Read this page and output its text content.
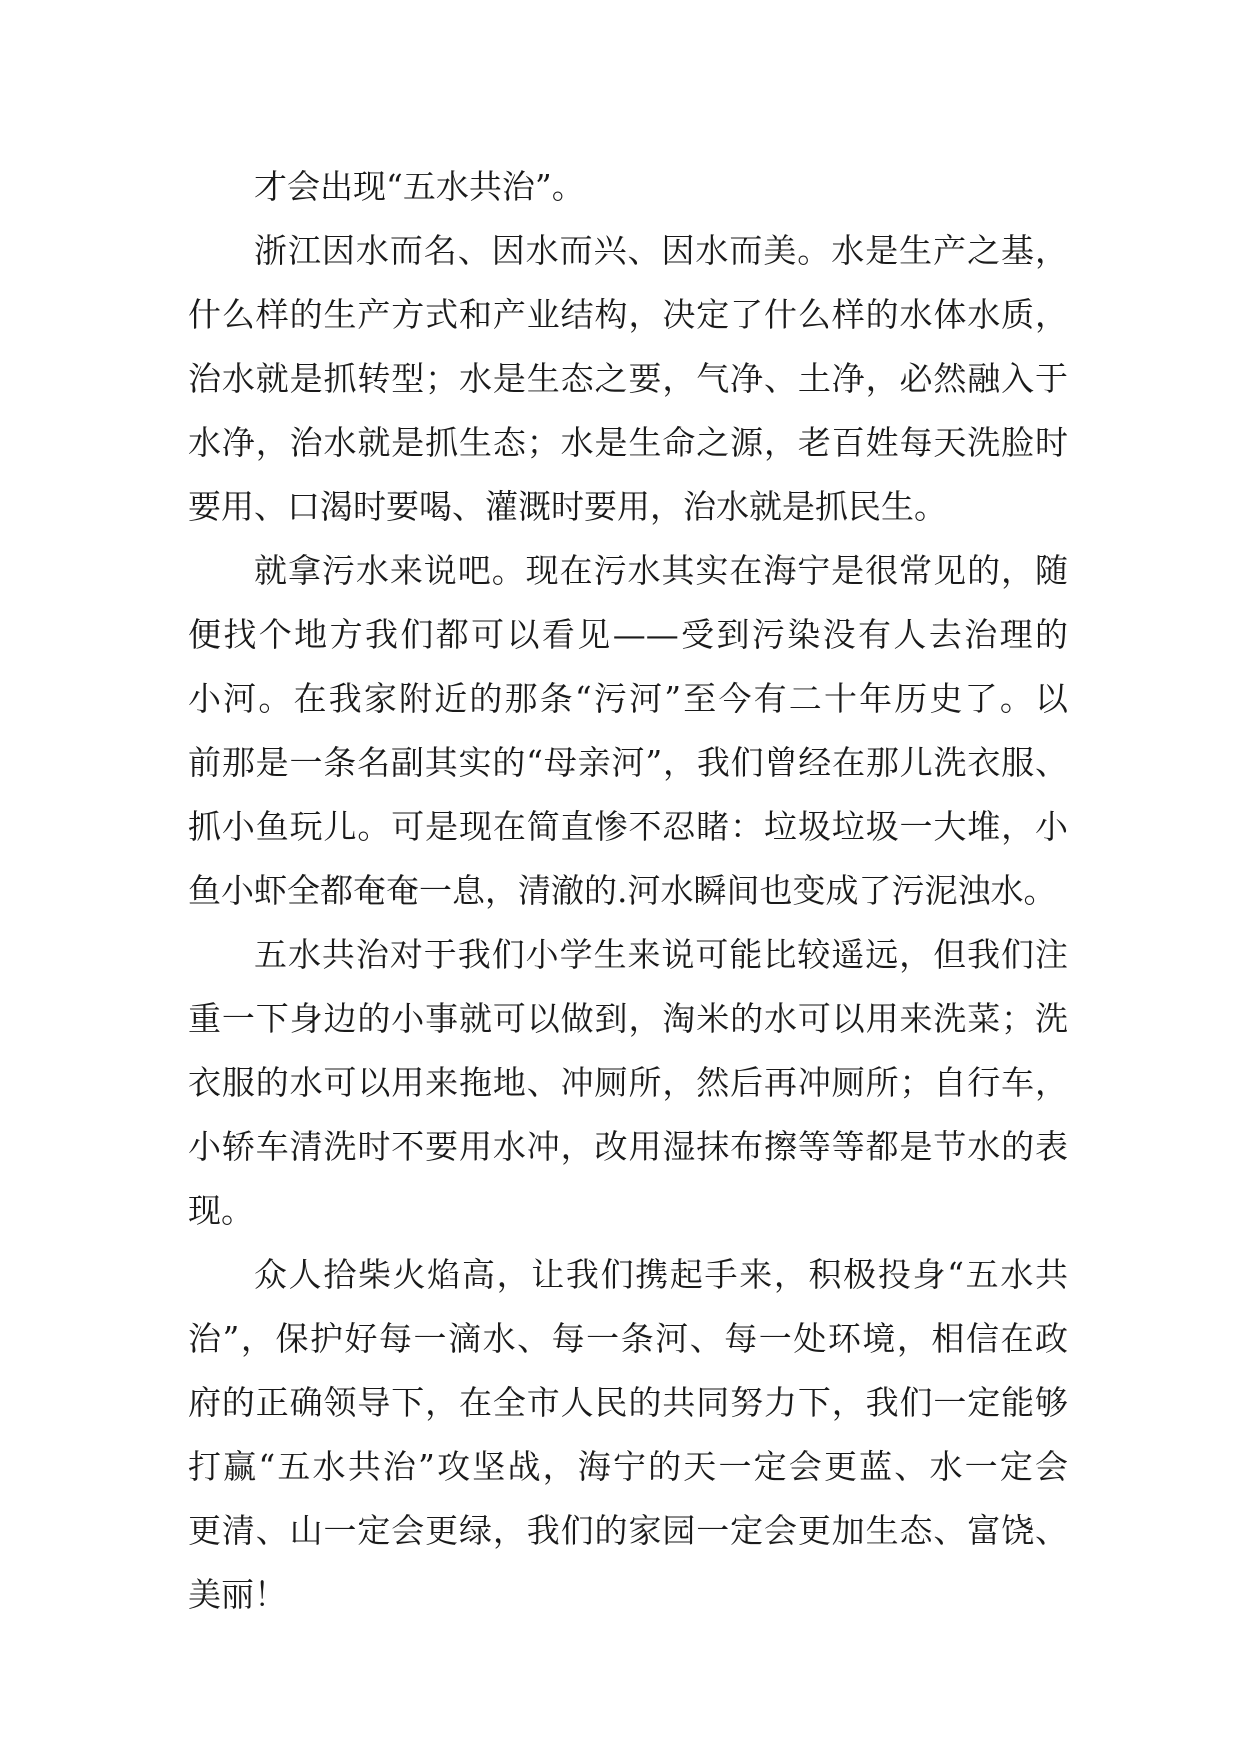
才会出现“五水共治”。

浙江因水而名、因水而兴、因水而美。水是生产之基，
什么样的生产方式和产业结构，决定了什么样的水体水质，
治水就是抓转型；水是生态之要，气净、土净，必然融入于
水净，治水就是抓生态；水是生命之源，老百姓每天洗脸时
要用、口渴时要喝、灌溉时要用，治水就是抓民生。

就拿污水来说吧。现在污水其实在海宁是很常见的，随
便找个地方我们都可以看见——受到污染没有人去治理的
小河。在我家附近的那条“污河”至今有二十年历史了。以
前那是一条名副其实的“母亲河”，我们曾经在那儿洗衣服、
抓小鱼玩儿。可是现在简直惨不忍睹：垃圾垃圾一大堆，小
鱼小虾全都奄奄一息，清澈的.河水瞬间也变成了污泥浊水。

五水共治对于我们小学生来说可能比较遥远，但我们注
重一下身边的小事就可以做到，淘米的水可以用来洗菜；洗
衣服的水可以用来拖地、冲厕所，然后再冲厕所；自行车，
小轿车清洗时不要用水冲，改用湿抹布擦等等都是节水的表
现。

众人拾柴火焰高，让我们携起手来，积极投身“五水共
治”，保护好每一滴水、每一条河、每一处环境，相信在政
府的正确领导下，在全市人民的共同努力下，我们一定能够
打赢“五水共治”攻坚战，海宁的天一定会更蓝、水一定会
更清、山一定会更绿，我们的家园一定会更加生态、富饶、
美丽！
